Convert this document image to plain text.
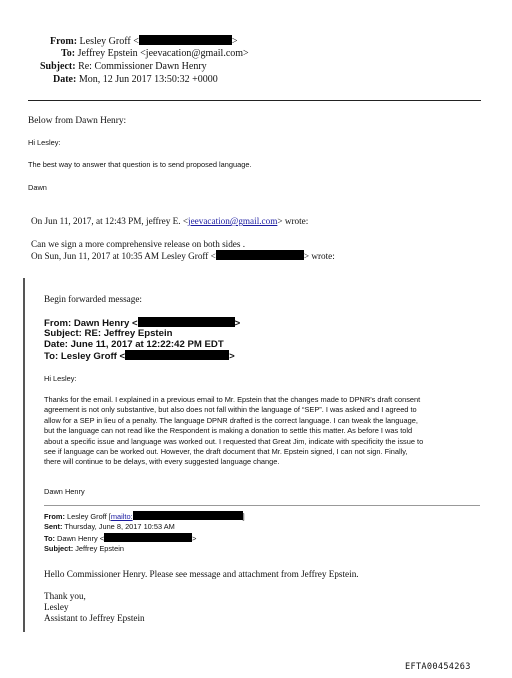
From: Lesley Groff <	>
To: Jeffrey Epstein <jeevacation@gmail.com>
Subject: Re: Commissioner Dawn Henry
Date: Mon, 12 Jun 2017 13:50:32 +0000
Below from Dawn Henry:
Hi Lesley:
The best way to answer that question is to send proposed language.
Dawn
On Jun 11, 2017, at 12:43 PM, jeffrey E. <jeevacation@gmail.com> wrote:
Can we sign a more comprehensive release on both sides .
On Sun, Jun 11, 2017 at 10:35 AM Lesley Groff <	> wrote:
Begin forwarded message:
From: Dawn Henry <	>
Subject: RE: Jeffrey Epstein
Date: June 11, 2017 at 12:22:42 PM EDT
To: Lesley Groff <	>
Hi Lesley:
Thanks for the email. I explained in a previous email to Mr. Epstein that the changes made to DPNR’s draft consent
agreement is not only substantive, but also does not fall within the language of “SEP”. I was asked and I agreed to
allow for a SEP in lieu of a penalty. The language DPNR drafted is the correct language. I can tweak the language,
but the language can not read like the Respondent is making a donation to settle this matter. As before I was told
about a specific issue and language was worked out. I requested that Great Jim, indicate with specificity the issue to
see if language can be worked out. However, the draft document that Mr. Epstein signed, I can not sign. Finally,
there will continue to be delays, with every suggested language change.
Dawn Henry
From: Lesley Groff [mailto:	]
Sent: Thursday, June 8, 2017 10:53 AM
To: Dawn Henry <	>
Subject: Jeffrey Epstein
Hello Commissioner Henry. Please see message and attachment from Jeffrey Epstein.
Thank you,
Lesley
Assistant to Jeffrey Epstein
EFTA00454263
